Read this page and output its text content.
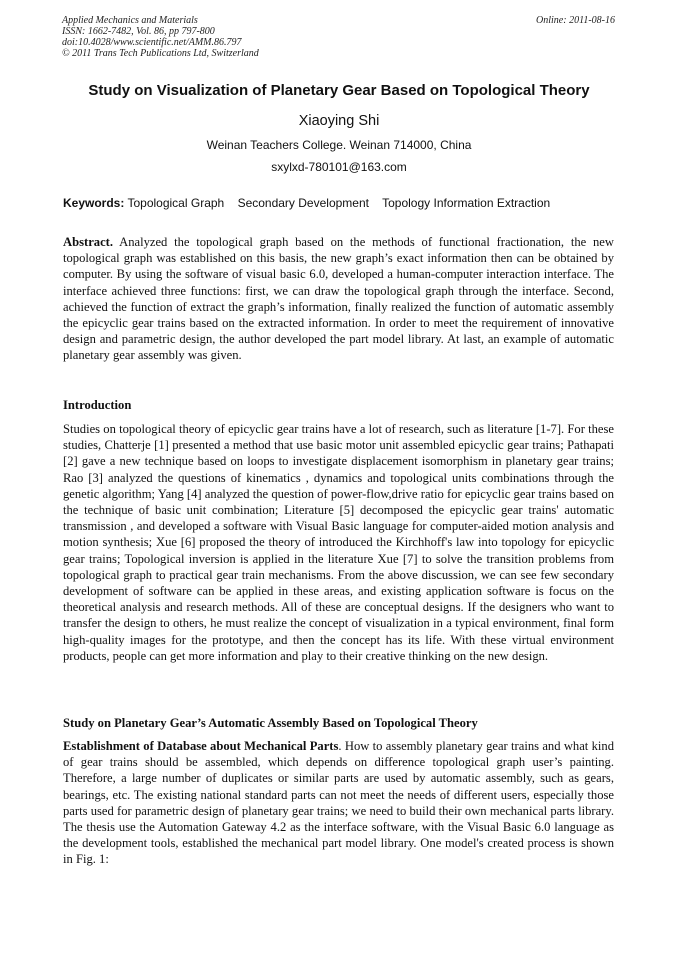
Applied Mechanics and Materials
ISSN: 1662-7482, Vol. 86, pp 797-800
doi:10.4028/www.scientific.net/AMM.86.797
© 2011 Trans Tech Publications Ltd, Switzerland
Online: 2011-08-16
Study on Visualization of Planetary Gear Based on Topological Theory
Xiaoying Shi
Weinan Teachers College. Weinan 714000, China
sxylxd-780101@163.com
Keywords: Topological Graph Secondary Development Topology Information Extraction

Abstract. Analyzed the topological graph based on the methods of functional fractionation, the new topological graph was established on this basis, the new graph’s exact information then can be obtained by computer. By using the software of visual basic 6.0, developed a human-computer interaction interface. The interface achieved three functions: first, we can draw the topological graph through the interface. Second, achieved the function of extract the graph’s information, finally realized the function of automatic assembly the epicyclic gear trains based on the extracted information. In order to meet the requirement of innovative design and parametric design, the author developed the part model library. At last, an example of automatic planetary gear assembly was given.

Introduction

Studies on topological theory of epicyclic gear trains have a lot of research, such as literature [1-7]. For these studies, Chatterje [1] presented a method that use basic motor unit assembled epicyclic gear trains; Pathapati [2] gave a new technique based on loops to investigate displacement isomorphism in planetary gear trains; Rao [3] analyzed the questions of kinematics , dynamics and topological units combinations through the genetic algorithm; Yang [4] analyzed the question of power-flow,drive ratio for epicyclic gear trains based on the technique of basic unit combination; Literature [5] decomposed the epicyclic gear trains' automatic transmission , and developed a software with Visual Basic language for computer-aided motion analysis and motion synthesis; Xue [6] proposed the theory of introduced the Kirchhoff's law into topology for epicyclic gear trains; Topological inversion is applied in the literature Xue [7] to solve the transition problems from topological graph to practical gear train mechanisms. From the above discussion, we can see few secondary development of software can be applied in these areas, and existing application software is focus on the theoretical analysis and research methods. All of these are conceptual designs. If the designers who want to transfer the design to others, he must realize the concept of visualization in a typical environment, final form high-quality images for the prototype, and then the concept has its life. With these virtual environment products, people can get more information and play to their creative thinking on the new design.

Study on Planetary Gear’s Automatic Assembly Based on Topological Theory

Establishment of Database about Mechanical Parts. How to assembly planetary gear trains and what kind of gear trains should be assembled, which depends on difference topological graph user’s painting. Therefore, a large number of duplicates or similar parts are used by automatic assembly, such as gears, bearings, etc. The existing national standard parts can not meet the needs of different users, especially those parts used for parametric design of planetary gear trains; we need to build their own mechanical parts library. The thesis use the Automation Gateway 4.2 as the interface software, with the Visual Basic 6.0 language as the development tools, established the mechanical part model library. One model's created process is shown in Fig. 1:
